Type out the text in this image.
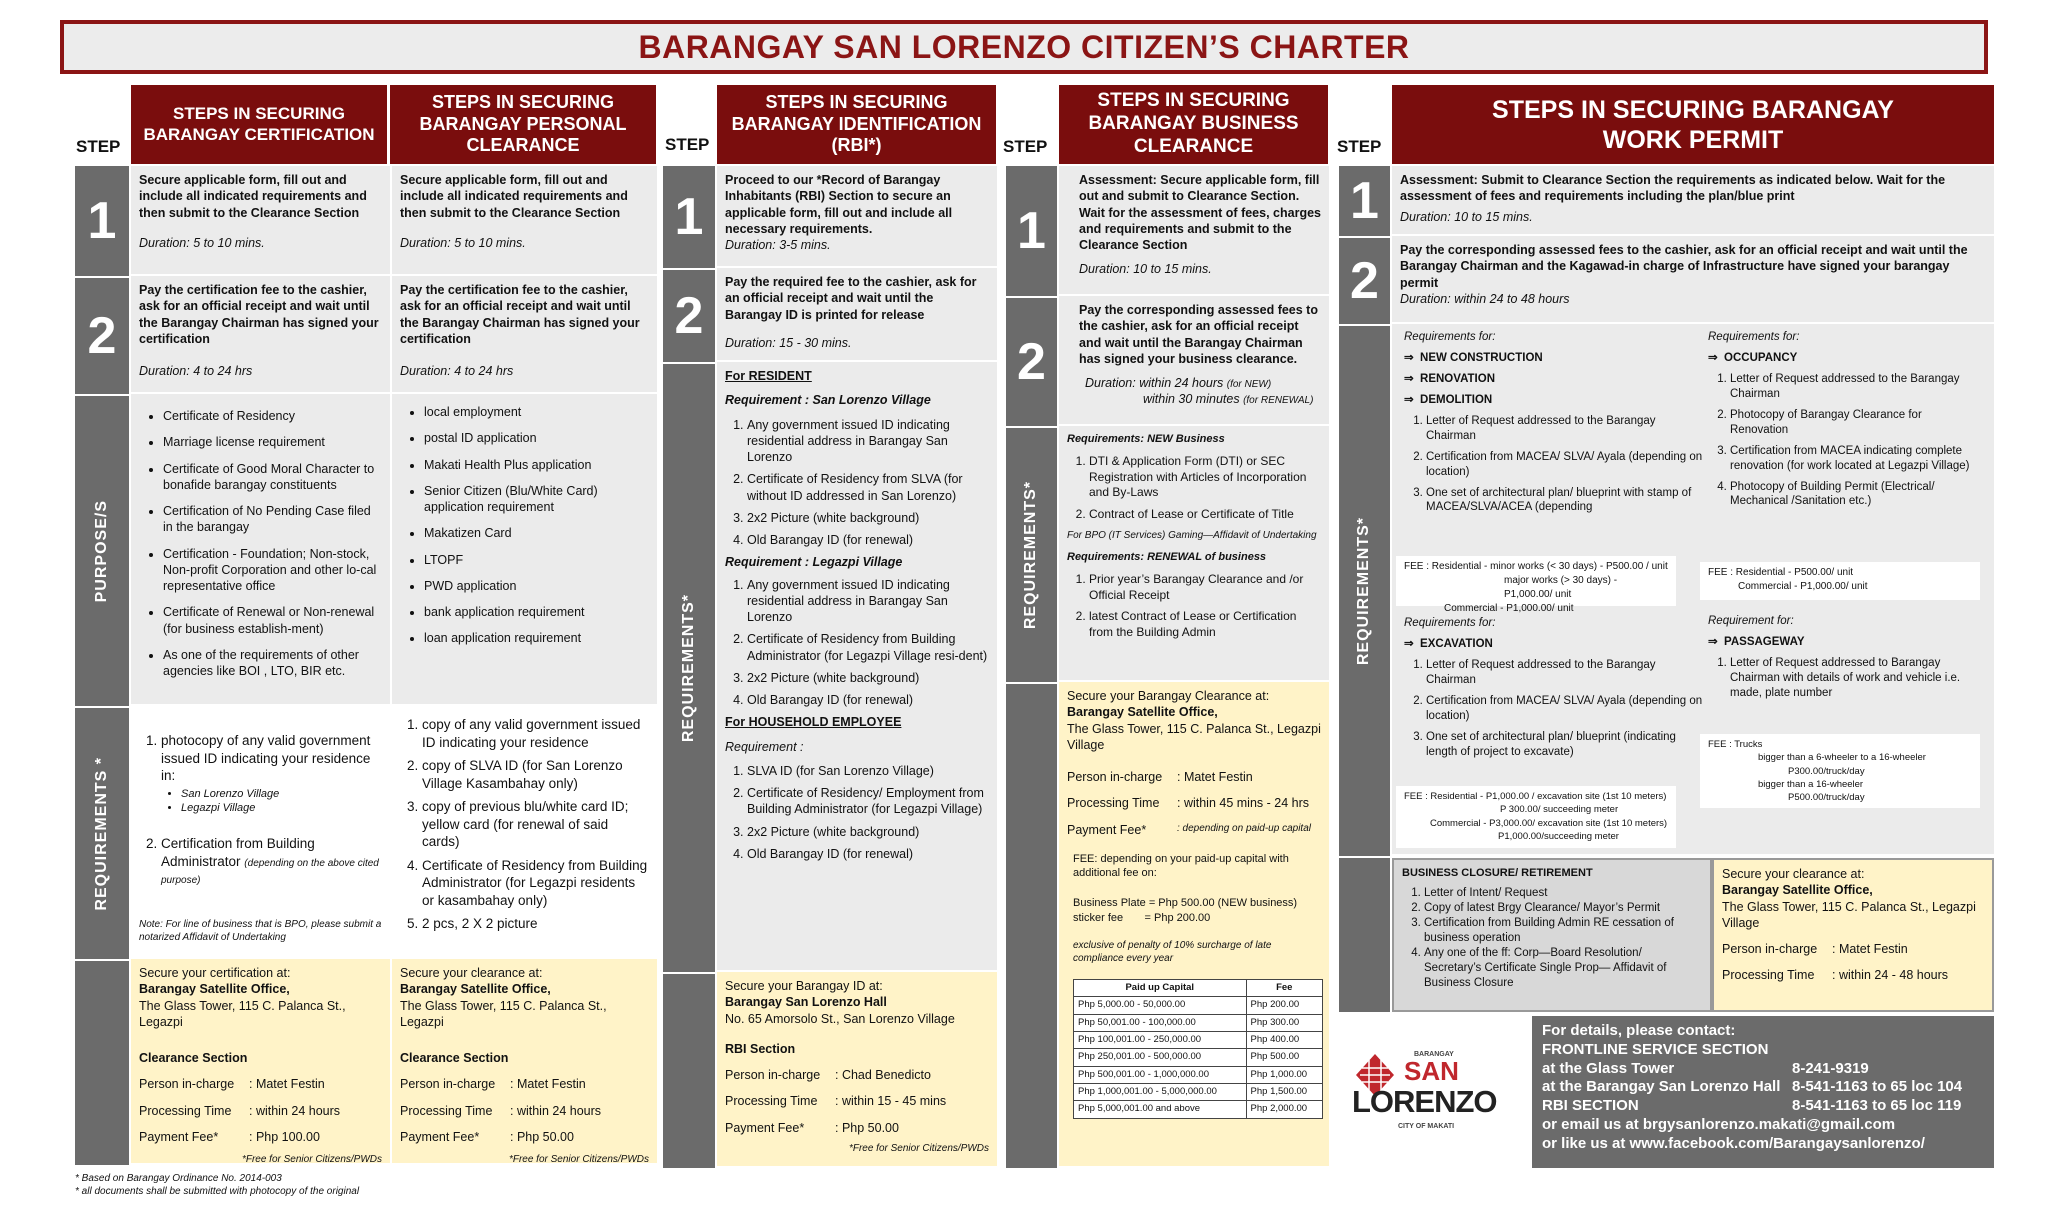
BARANGAY SAN LORENZO CITIZEN’S CHARTER
STEP	STEP	STEP	STEP
STEPS IN SECURING BARANGAY CERTIFICATION
STEPS IN SECURING BARANGAY PERSONAL CLEARANCE
STEPS IN SECURING BARANGAY IDENTIFICATION (RBI*)
STEPS IN SECURING BARANGAY BUSINESS CLEARANCE
STEPS IN SECURING BARANGAY WORK PERMIT
1
2
PURPOSE/S
REQUIREMENTS *
Secure applicable form, fill out and include all indicated requirements and then submit to the Clearance Section
Duration: 5 to 10 mins.
Pay the certification fee to the cashier, ask for an official receipt and wait until the Barangay Chairman has signed your certification
Duration: 4 to 24 hrs
• Certificate of Residency
• Marriage license requirement
• Certificate of Good Moral Character to bonafide barangay constituents
• Certification of No Pending Case filed in the barangay
• Certification - Foundation; Non-stock, Non-profit Corporation and other lo-cal representative office
• Certificate of Renewal or Non-renewal (for business establish-ment)
• As one of the requirements of other agencies like BOI , LTO, BIR etc.
1. photocopy of any valid government issued ID indicating your residence in:
• San Lorenzo Village
• Legazpi Village
2. Certification from Building Administrator (depending on the above cited purpose)
Note: For line of business that is BPO, please submit a notarized Affidavit of Undertaking
Secure your certification at:
Barangay Satellite Office,
The Glass Tower, 115 C. Palanca St., Legazpi
Clearance Section
Person in-charge	: Matet Festin
Processing Time	: within 24 hours
Payment Fee*	: Php 100.00
*Free for Senior Citizens/PWDs
Secure applicable form, fill out and include all indicated requirements and then submit to the Clearance Section
Duration: 5 to 10 mins.
Pay the certification fee to the cashier, ask for an official receipt and wait until the Barangay Chairman has signed your certification
Duration: 4 to 24 hrs
• local employment
• postal ID application
• Makati Health Plus application
• Senior Citizen (Blu/White Card) application requirement
• Makatizen Card
• LTOPF
• PWD application
• bank application requirement
• loan application requirement
1. copy of any valid government issued ID indicating your residence
2. copy of SLVA ID (for San Lorenzo Village Kasambahay only)
3. copy of previous blu/white card ID; yellow card (for renewal of said cards)
4. Certificate of Residency from Building Administrator (for Legazpi residents or kasambahay only)
5. 2 pcs, 2 X 2 picture
Secure your clearance at:
Barangay Satellite Office,
The Glass Tower, 115 C. Palanca St., Legazpi
Clearance Section
Person in-charge	: Matet Festin
Processing Time	: within 24 hours
Payment Fee*	: Php 50.00
*Free for Senior Citizens/PWDs
1
2
REQUIREMENTS*
Proceed to our *Record of Barangay Inhabitants (RBI) Section to secure an applicable form, fill out and include all necessary requirements.
Duration: 3-5 mins.
Pay the required fee to the cashier, ask for an official receipt and wait until the Barangay ID is printed for release
Duration: 15 - 30 mins.
For RESIDENT
Requirement : San Lorenzo Village
1. Any government issued ID indicating residential address in Barangay San Lorenzo
2. Certificate of Residency from SLVA (for without ID addressed in San Lorenzo)
3. 2x2 Picture (white background)
4. Old Barangay ID (for renewal)
Requirement : Legazpi Village
1. Any government issued ID indicating residential address in Barangay San Lorenzo
2. Certificate of Residency from Building Administrator (for Legazpi Village resi-dent)
3. 2x2 Picture (white background)
4. Old Barangay ID (for renewal)
For HOUSEHOLD EMPLOYEE
Requirement :
1. SLVA ID (for San Lorenzo Village)
2. Certificate of Residency/ Employment from Building Administrator (for Legazpi Village)
3. 2x2 Picture (white background)
4. Old Barangay ID (for renewal)
Secure your Barangay ID at:
Barangay San Lorenzo Hall
No. 65 Amorsolo St., San Lorenzo Village
RBI Section
Person in-charge	: Chad Benedicto
Processing Time	: within 15 - 45 mins
Payment Fee*	: Php 50.00
*Free for Senior Citizens/PWDs
1
2
REQUIREMENTS*
Assessment: Secure applicable form, fill out and submit to Clearance Section. Wait for the assessment of fees, charges and requirements and submit to the Clearance Section
Duration: 10 to 15 mins.
Pay the corresponding assessed fees to the cashier, ask for an official receipt and wait until the Barangay Chairman has signed your business clearance.
Duration: within 24 hours (for NEW)
within 30 minutes (for RENEWAL)
Requirements: NEW Business
1. DTI & Application Form (DTI) or SEC Registration with Articles of Incorporation and By-Laws
2. Contract of Lease or Certificate of Title
For BPO (IT Services) Gaming—Affidavit of Undertaking
Requirements: RENEWAL of business
1. Prior year’s Barangay Clearance and /or Official Receipt
2. latest Contract of Lease or Certification from the Building Admin
Secure your Barangay Clearance at:
Barangay Satellite Office,
The Glass Tower, 115 C. Palanca St., Legazpi Village
Person in-charge	: Matet Festin
Processing Time	: within 45 mins - 24 hrs
Payment Fee*	: depending on paid-up capital
FEE: depending on your paid-up capital with additional fee on:
Business Plate = Php 500.00 (NEW business)
sticker fee       = Php 200.00
exclusive of penalty of 10% surcharge of late compliance every year
Paid up Capital	Fee
Php 5,000.00 - 50,000.00	Php 200.00
Php 50,001.00 - 100,000.00	Php 300.00
Php 100,001.00 - 250,000.00	Php 400.00
Php 250,001.00 - 500,000.00	Php 500.00
Php 500,001.00 - 1,000,000.00	Php 1,000.00
Php 1,000,001.00 - 5,000,000.00	Php 1,500.00
Php 5,000,001.00 and above	Php 2,000.00
1
2
REQUIREMENTS*
Assessment: Submit to Clearance Section the requirements as indicated below. Wait for the assessment of fees and requirements including the plan/blue print
Duration: 10 to 15 mins.
Pay the corresponding assessed fees to the cashier, ask for an official receipt and wait until the Barangay Chairman and the Kagawad-in charge of Infrastructure have signed your barangay permit
Duration: within 24 to 48 hours
Requirements for:
⇒  NEW CONSTRUCTION
⇒  RENOVATION
⇒  DEMOLITION
1. Letter of Request addressed to the Barangay Chairman
2. Certification from MACEA/ SLVA/ Ayala (depending on location)
3. One set of architectural plan/ blueprint with stamp of MACEA/SLVA/ACEA (depending
FEE : Residential - minor works (< 30 days) - P500.00 / unit
major works (> 30 days) - P1,000.00/ unit
Commercial - P1,000.00/ unit
Requirements for:
⇒  EXCAVATION
1. Letter of Request addressed to the Barangay Chairman
2. Certification from MACEA/ SLVA/ Ayala (depending on location)
3. One set of architectural plan/ blueprint (indicating length of project to excavate)
FEE : Residential - P1,000.00 / excavation site (1st 10 meters)
P 300.00/ succeeding meter
Commercial - P3,000.00/ excavation site (1st 10 meters)
P1,000.00/succeeding meter
Requirements for:
⇒  OCCUPANCY
1. Letter of Request addressed to the Barangay Chairman
2. Photocopy of Barangay Clearance for Renovation
3. Certification from MACEA indicating complete renovation (for work located at Legazpi Village)
4. Photocopy of Building Permit (Electrical/ Mechanical /Sanitation etc.)
FEE : Residential - P500.00/ unit
Commercial - P1,000.00/ unit
Requirement for:
⇒  PASSAGEWAY
1. Letter of Request addressed to Barangay Chairman with details of work and vehicle i.e. made, plate number
FEE : Trucks
bigger than a 6-wheeler to a 16-wheeler
P300.00/truck/day
bigger than a 16-wheeler
P500.00/truck/day
BUSINESS CLOSURE/ RETIREMENT
1. Letter of Intent/ Request
2. Copy of latest Brgy Clearance/ Mayor’s Permit
3. Certification from Building Admin RE cessation of business operation
4. Any one of the ff: Corp—Board Resolution/ Secretary’s Certificate Single Prop— Affidavit of Business Closure
Secure your clearance at:
Barangay Satellite Office,
The Glass Tower, 115 C. Palanca St., Legazpi Village
Person in-charge	: Matet Festin
Processing Time	: within 24 - 48 hours
BARANGAY
SAN
LORENZO
CITY OF MAKATI
For details, please contact:
FRONTLINE SERVICE SECTION
at the Glass Tower	8-241-9319
at the Barangay San Lorenzo Hall 8-541-1163 to 65 loc 104
RBI SECTION	8-541-1163 to 65 loc 119
or email us at brgysanlorenzo.makati@gmail.com
or like us at www.facebook.com/Barangaysanlorenzo/
* Based on Barangay Ordinance No. 2014-003
* all documents shall be submitted with photocopy of the original
